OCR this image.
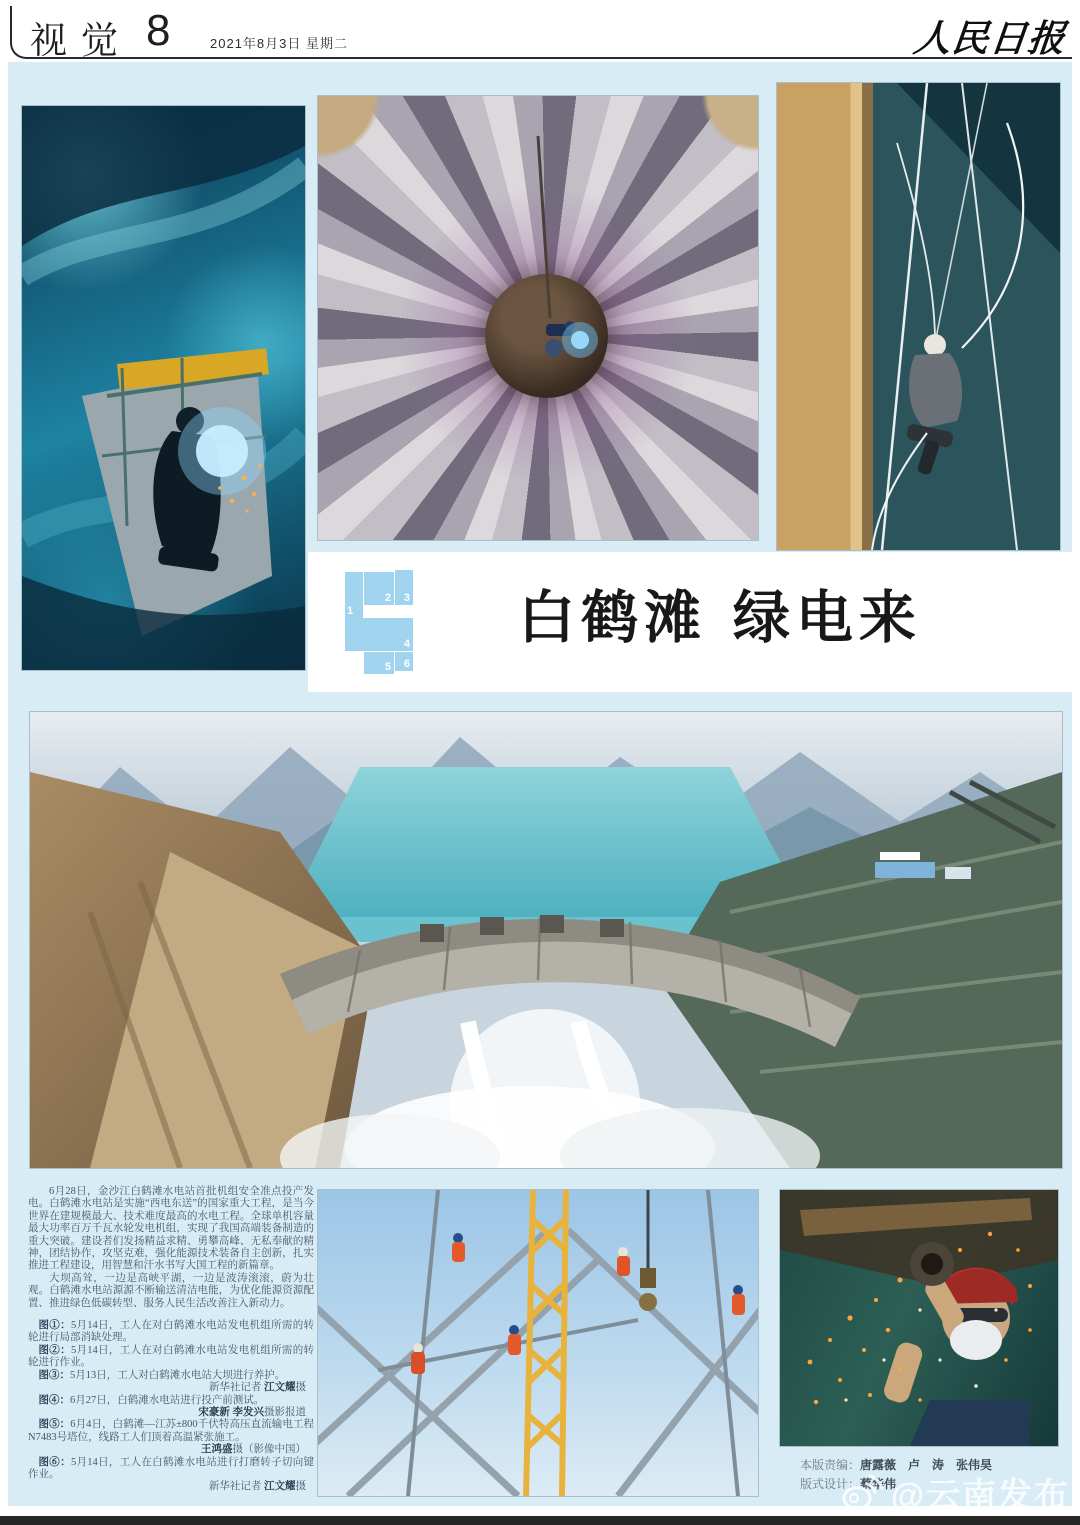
视觉 8	2021年8月3日 星期二	人民日报
1
2	3
4
5	6
白鹤滩 绿电来

6月28日，金沙江白鹤滩水电站首批机组安全准点投产发电。白鹤滩水电站是实施“西电东送”的国家重大工程，是当今世界在建规模最大、技术难度最高的水电工程。全球单机容量最大功率百万千瓦水轮发电机组，实现了我国高端装备制造的重大突破。建设者们发扬精益求精、勇攀高峰、无私奉献的精神，团结协作，攻坚克难，强化能源技术装备自主创新，扎实推进工程建设，用智慧和汗水书写大国工程的新篇章。

大坝高耸，一边是高峡平湖，一边是波涛滚滚，蔚为壮观。白鹤滩水电站源源不断输送清洁电能，为优化能源资源配置、推进绿色低碳转型、服务人民生活改善注入新动力。

图①：5月14日，工人在对白鹤滩水电站发电机组所需的转轮进行局部消缺处理。

图②：5月14日，工人在对白鹤滩水电站发电机组所需的转轮进行作业。

图③：5月13日，工人对白鹤滩水电站大坝进行养护。

新华社记者 江文耀摄

图④：6月27日，白鹤滩水电站进行投产前测试。

宋豪新 李发兴摄影报道

图⑤：6月4日，白鹤滩—江苏±800千伏特高压直流输电工程N7483号塔位，线路工人们顶着高温紧张施工。

王鸿盛摄（影像中国）

图⑥：5月14日，工人在白鹤滩水电站进行打磨转子切向键作业。

新华社记者 江文耀摄

本版责编：唐露薇　卢　涛　张伟昊
版式设计：蔡华伟
@云南发布
